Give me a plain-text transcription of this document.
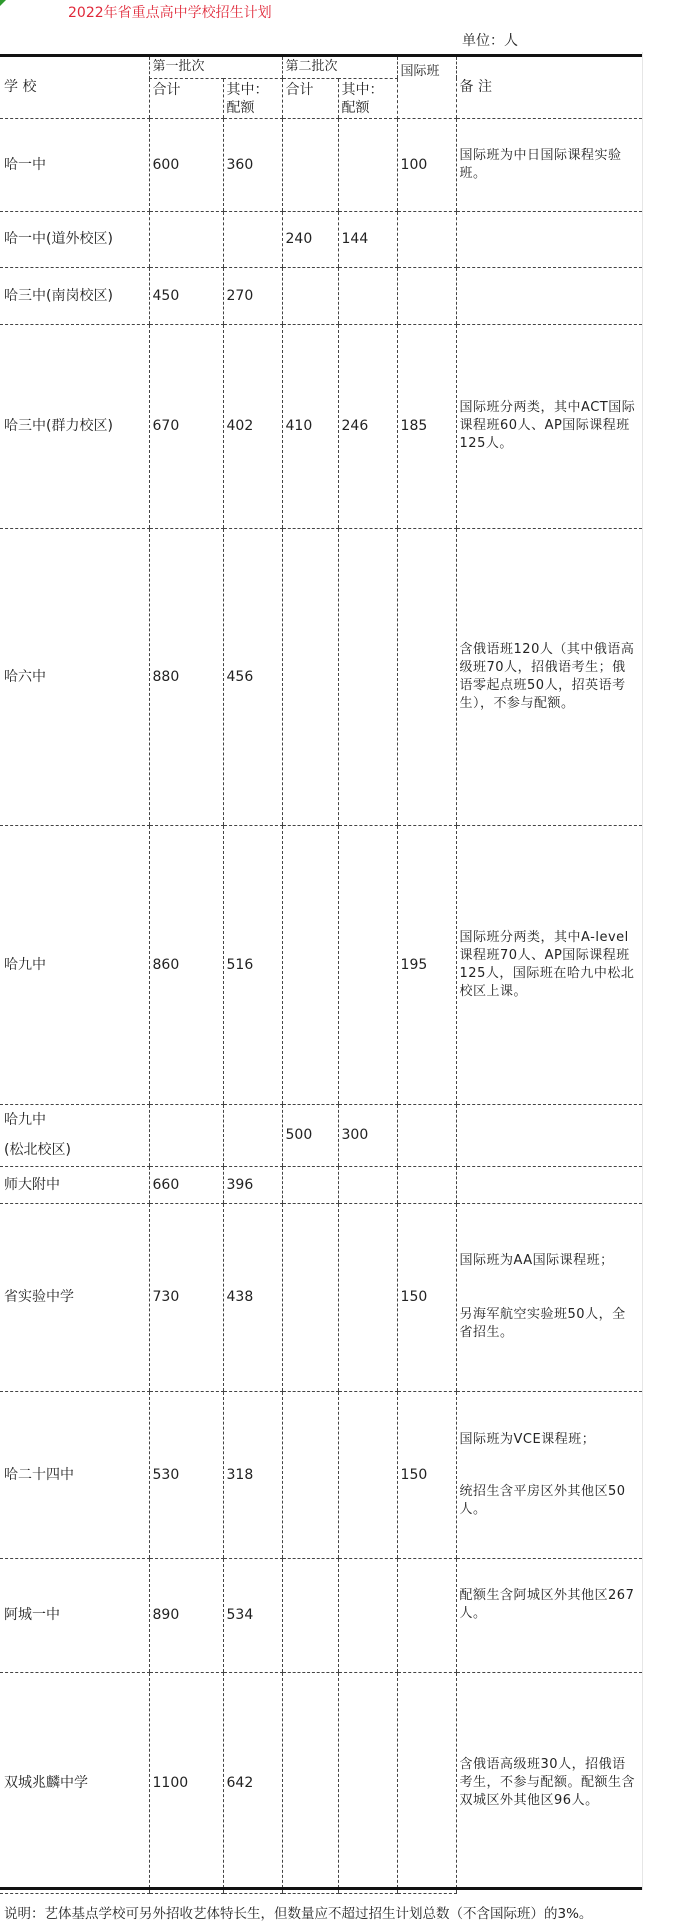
2022年省重点高中学校招生计划
单位：人
学 校	第一批次		第二批次		国际班	备 注
	合计	其中：配额	合计	其中：配额		
哈一中	600	360			100	国际班为中日国际课程实验班。

哈一中(道外校区)			240	144		
哈三中(南岗校区)	450	270				
哈三中(群力校区)	670	402	410	246	185	国际班分两类，其中ACT国际课程班60人、AP国际课程班125人。

哈六中	880	456				含俄语班120人（其中俄语高级班70人，招俄语考生；俄语零起点班50人，招英语考生），不参与配额。

哈九中	860	516			195	国际班分两类，其中A-level课程班70人、AP国际课程班125人，国际班在哈九中松北校区上课。

哈九中
(松北校区)			500	300		
师大附中	660	396				
省实验中学	730	438			150	国际班为AA国际课程班；

另海军航空实验班50人，全省招生。

哈二十四中	530	318			150	国际班为VCE课程班；

统招生含平房区外其他区50人。

阿城一中	890	534				配额生含阿城区外其他区267人。

双城兆麟中学	1100	642				含俄语高级班30人，招俄语考生，不参与配额。配额生含双城区外其他区96人。

说明：艺体基点学校可另外招收艺体特长生，但数量应不超过招生计划总数（不含国际班）的3%。
